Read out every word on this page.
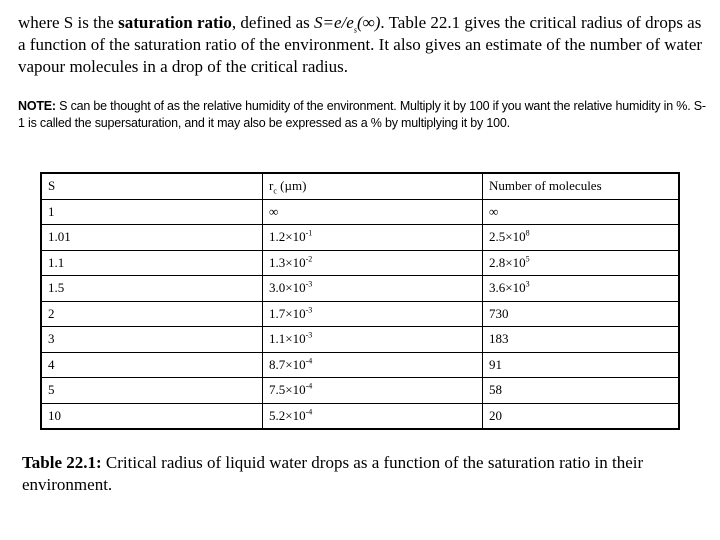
where S is the saturation ratio, defined as $S=e/e_s(\infty)$. Table 22.1 gives the critical radius of drops as a function of the saturation ratio of the environment. It also gives an estimate of the number of water vapour molecules in a drop of the critical radius.
NOTE: S can be thought of as the relative humidity of the environment. Multiply it by 100 if you want the relative humidity in %. S-1 is called the supersaturation, and it may also be expressed as a % by multiplying it by 100.
S	$r_c$ (µm)	Number of molecules
1	∞	∞
1.01	$1.2\times 10^{-1}$	$2.5\times 10^8$
1.1	$1.3\times 10^{-2}$	$2.8\times 10^5$
1.5	$3.0\times 10^{-3}$	$3.6\times 10^3$
2	$1.7\times 10^{-3}$	730
3	$1.1\times 10^{-3}$	183
4	$8.7\times 10^{-4}$	91
5	$7.5\times 10^{-4}$	58
10	$5.2\times 10^{-4}$	20
Table 22.1: Critical radius of liquid water drops as a function of the saturation ratio in their environment.
